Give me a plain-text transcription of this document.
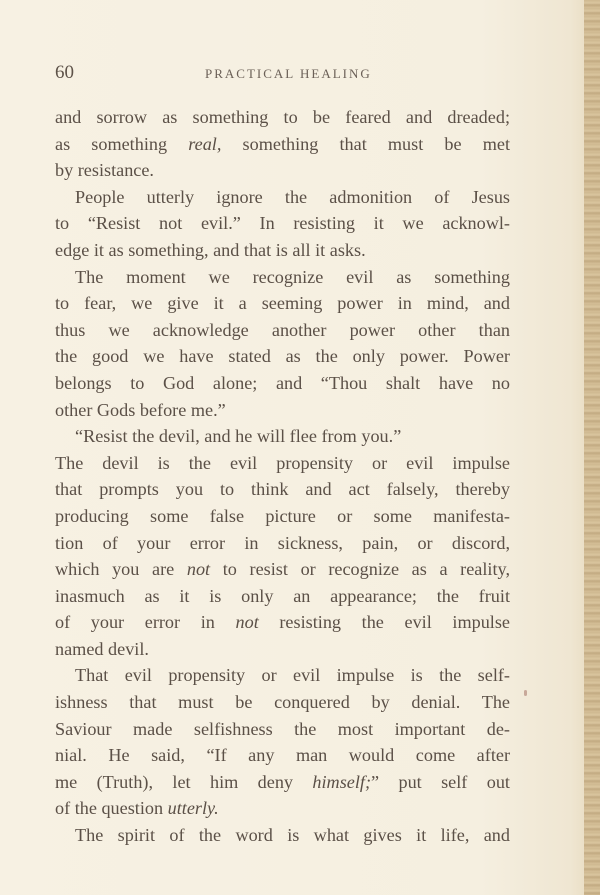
60	PRACTICAL HEALING
and sorrow as something to be feared and dreaded;
as something real, something that must be met
by resistance.
People utterly ignore the admonition of Jesus
to “Resist not evil.” In resisting it we acknowl-
edge it as something, and that is all it asks.
The moment we recognize evil as something
to fear, we give it a seeming power in mind, and
thus we acknowledge another power other than
the good we have stated as the only power. Power
belongs to God alone; and “Thou shalt have no
other Gods before me.”
“Resist the devil, and he will flee from you.”
The devil is the evil propensity or evil impulse
that prompts you to think and act falsely, thereby
producing some false picture or some manifesta-
tion of your error in sickness, pain, or discord,
which you are not to resist or recognize as a reality,
inasmuch as it is only an appearance; the fruit
of your error in not resisting the evil impulse
named devil.
That evil propensity or evil impulse is the self-
ishness that must be conquered by denial. The
Saviour made selfishness the most important de-
nial. He said, “If any man would come after
me (Truth), let him deny himself;” put self out
of the question utterly.
The spirit of the word is what gives it life, and
